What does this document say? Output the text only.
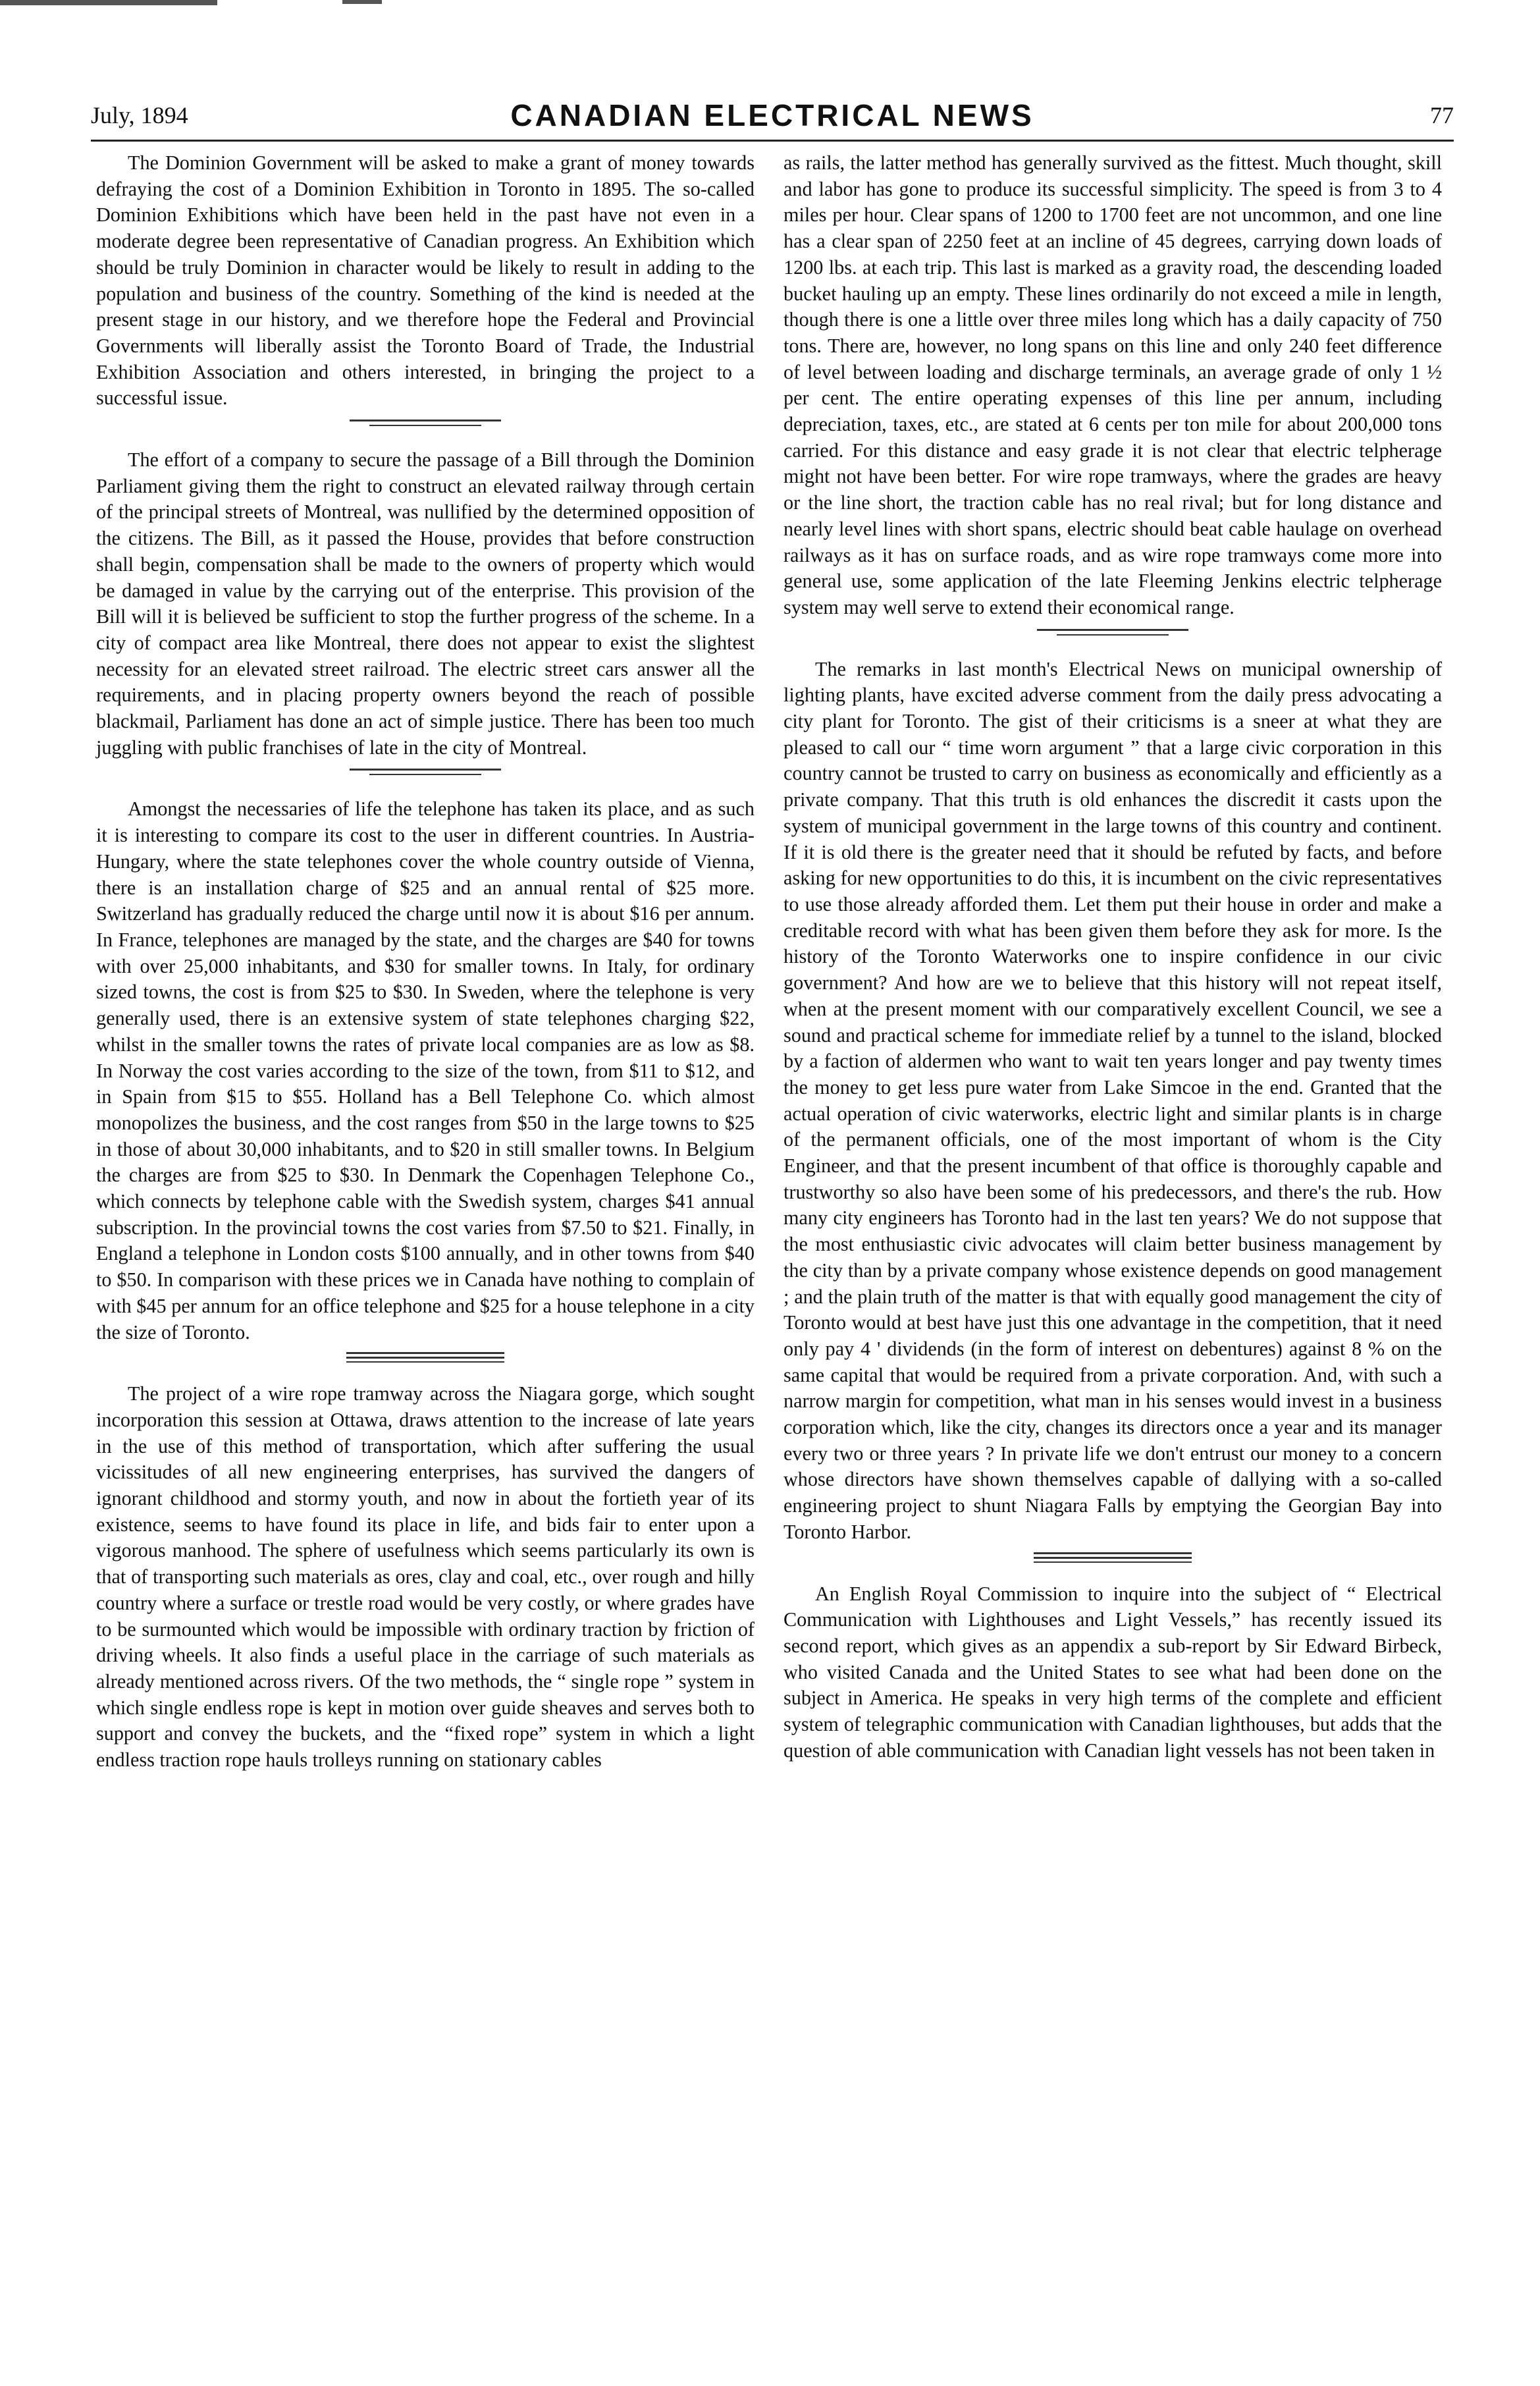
July, 1894	CANADIAN ELECTRICAL NEWS	77

The Dominion Government will be asked to make a grant of money towards defraying the cost of a Dominion Exhibition in Toronto in 1895. The so-called Dominion Exhibitions which have been held in the past have not even in a moderate degree been representative of Canadian progress. An Exhibition which should be truly Dominion in character would be likely to result in adding to the population and business of the country. Something of the kind is needed at the present stage in our history, and we therefore hope the Federal and Provincial Governments will liberally assist the Toronto Board of Trade, the Industrial Exhibition Association and others interested, in bringing the project to a successful issue.

The effort of a company to secure the passage of a Bill through the Dominion Parliament giving them the right to construct an elevated railway through certain of the principal streets of Montreal, was nullified by the determined opposition of the citizens. The Bill, as it passed the House, provides that before construction shall begin, compensation shall be made to the owners of property which would be damaged in value by the carrying out of the enterprise. This provision of the Bill will it is believed be sufficient to stop the further progress of the scheme. In a city of compact area like Montreal, there does not appear to exist the slightest necessity for an elevated street railroad. The electric street cars answer all the requirements, and in placing property owners beyond the reach of possible blackmail, Parliament has done an act of simple justice. There has been too much juggling with public franchises of late in the city of Montreal.

Amongst the necessaries of life the telephone has taken its place, and as such it is interesting to compare its cost to the user in different countries. In Austria-Hungary, where the state telephones cover the whole country outside of Vienna, there is an installation charge of $25 and an annual rental of $25 more. Switzerland has gradually reduced the charge until now it is about $16 per annum. In France, telephones are managed by the state, and the charges are $40 for towns with over 25,000 inhabitants, and $30 for smaller towns. In Italy, for ordinary sized towns, the cost is from $25 to $30. In Sweden, where the telephone is very generally used, there is an extensive system of state telephones charging $22, whilst in the smaller towns the rates of private local companies are as low as $8. In Norway the cost varies according to the size of the town, from $11 to $12, and in Spain from $15 to $55. Holland has a Bell Telephone Co. which almost monopolizes the business, and the cost ranges from $50 in the large towns to $25 in those of about 30,000 inhabitants, and to $20 in still smaller towns. In Belgium the charges are from $25 to $30. In Denmark the Copenhagen Telephone Co., which connects by telephone cable with the Swedish system, charges $41 annual subscription. In the provincial towns the cost varies from $7.50 to $21. Finally, in England a telephone in London costs $100 annually, and in other towns from $40 to $50. In comparison with these prices we in Canada have nothing to complain of with $45 per annum for an office telephone and $25 for a house telephone in a city the size of Toronto.

The project of a wire rope tramway across the Niagara gorge, which sought incorporation this session at Ottawa, draws attention to the increase of late years in the use of this method of transportation, which after suffering the usual vicissitudes of all new engineering enterprises, has survived the dangers of ignorant childhood and stormy youth, and now in about the fortieth year of its existence, seems to have found its place in life, and bids fair to enter upon a vigorous manhood. The sphere of usefulness which seems particularly its own is that of transporting such materials as ores, clay and coal, etc., over rough and hilly country where a surface or trestle road would be very costly, or where grades have to be surmounted which would be impossible with ordinary traction by friction of driving wheels. It also finds a useful place in the carriage of such materials as already mentioned across rivers. Of the two methods, the “ single rope ” system in which single endless rope is kept in motion over guide sheaves and serves both to support and convey the buckets, and the “fixed rope” system in which a light endless traction rope hauls trolleys running on stationary cables

as rails, the latter method has generally survived as the fittest. Much thought, skill and labor has gone to produce its successful simplicity. The speed is from 3 to 4 miles per hour. Clear spans of 1200 to 1700 feet are not uncommon, and one line has a clear span of 2250 feet at an incline of 45 degrees, carrying down loads of 1200 lbs. at each trip. This last is marked as a gravity road, the descending loaded bucket hauling up an empty. These lines ordinarily do not exceed a mile in length, though there is one a little over three miles long which has a daily capacity of 750 tons. There are, however, no long spans on this line and only 240 feet difference of level between loading and discharge terminals, an average grade of only 1 ½ per cent. The entire operating expenses of this line per annum, including depreciation, taxes, etc., are stated at 6 cents per ton mile for about 200,000 tons carried. For this distance and easy grade it is not clear that electric telpherage might not have been better. For wire rope tramways, where the grades are heavy or the line short, the traction cable has no real rival; but for long distance and nearly level lines with short spans, electric should beat cable haulage on overhead railways as it has on surface roads, and as wire rope tramways come more into general use, some application of the late Fleeming Jenkins electric telpherage system may well serve to extend their economical range.

The remarks in last month's Electrical News on municipal ownership of lighting plants, have excited adverse comment from the daily press advocating a city plant for Toronto. The gist of their criticisms is a sneer at what they are pleased to call our “ time worn argument ” that a large civic corporation in this country cannot be trusted to carry on business as economically and efficiently as a private company. That this truth is old enhances the discredit it casts upon the system of municipal government in the large towns of this country and continent. If it is old there is the greater need that it should be refuted by facts, and before asking for new opportunities to do this, it is incumbent on the civic representatives to use those already afforded them. Let them put their house in order and make a creditable record with what has been given them before they ask for more. Is the history of the Toronto Waterworks one to inspire confidence in our civic government? And how are we to believe that this history will not repeat itself, when at the present moment with our comparatively excellent Council, we see a sound and practical scheme for immediate relief by a tunnel to the island, blocked by a faction of aldermen who want to wait ten years longer and pay twenty times the money to get less pure water from Lake Simcoe in the end. Granted that the actual operation of civic waterworks, electric light and similar plants is in charge of the permanent officials, one of the most important of whom is the City Engineer, and that the present incumbent of that office is thoroughly capable and trustworthy so also have been some of his predecessors, and there's the rub. How many city engineers has Toronto had in the last ten years? We do not suppose that the most enthusiastic civic advocates will claim better business management by the city than by a private company whose existence depends on good management ; and the plain truth of the matter is that with equally good management the city of Toronto would at best have just this one advantage in the competition, that it need only pay 4 ' dividends (in the form of interest on debentures) against 8 % on the same capital that would be required from a private corporation. And, with such a narrow margin for competition, what man in his senses would invest in a business corporation which, like the city, changes its directors once a year and its manager every two or three years ? In private life we don't entrust our money to a concern whose directors have shown themselves capable of dallying with a so-called engineering project to shunt Niagara Falls by emptying the Georgian Bay into Toronto Harbor.

An English Royal Commission to inquire into the subject of “ Electrical Communication with Lighthouses and Light Vessels,” has recently issued its second report, which gives as an appendix a sub-report by Sir Edward Birbeck, who visited Canada and the United States to see what had been done on the subject in America. He speaks in very high terms of the complete and efficient system of telegraphic communication with Canadian lighthouses, but adds that the question of able communication with Canadian light vessels has not been taken in
